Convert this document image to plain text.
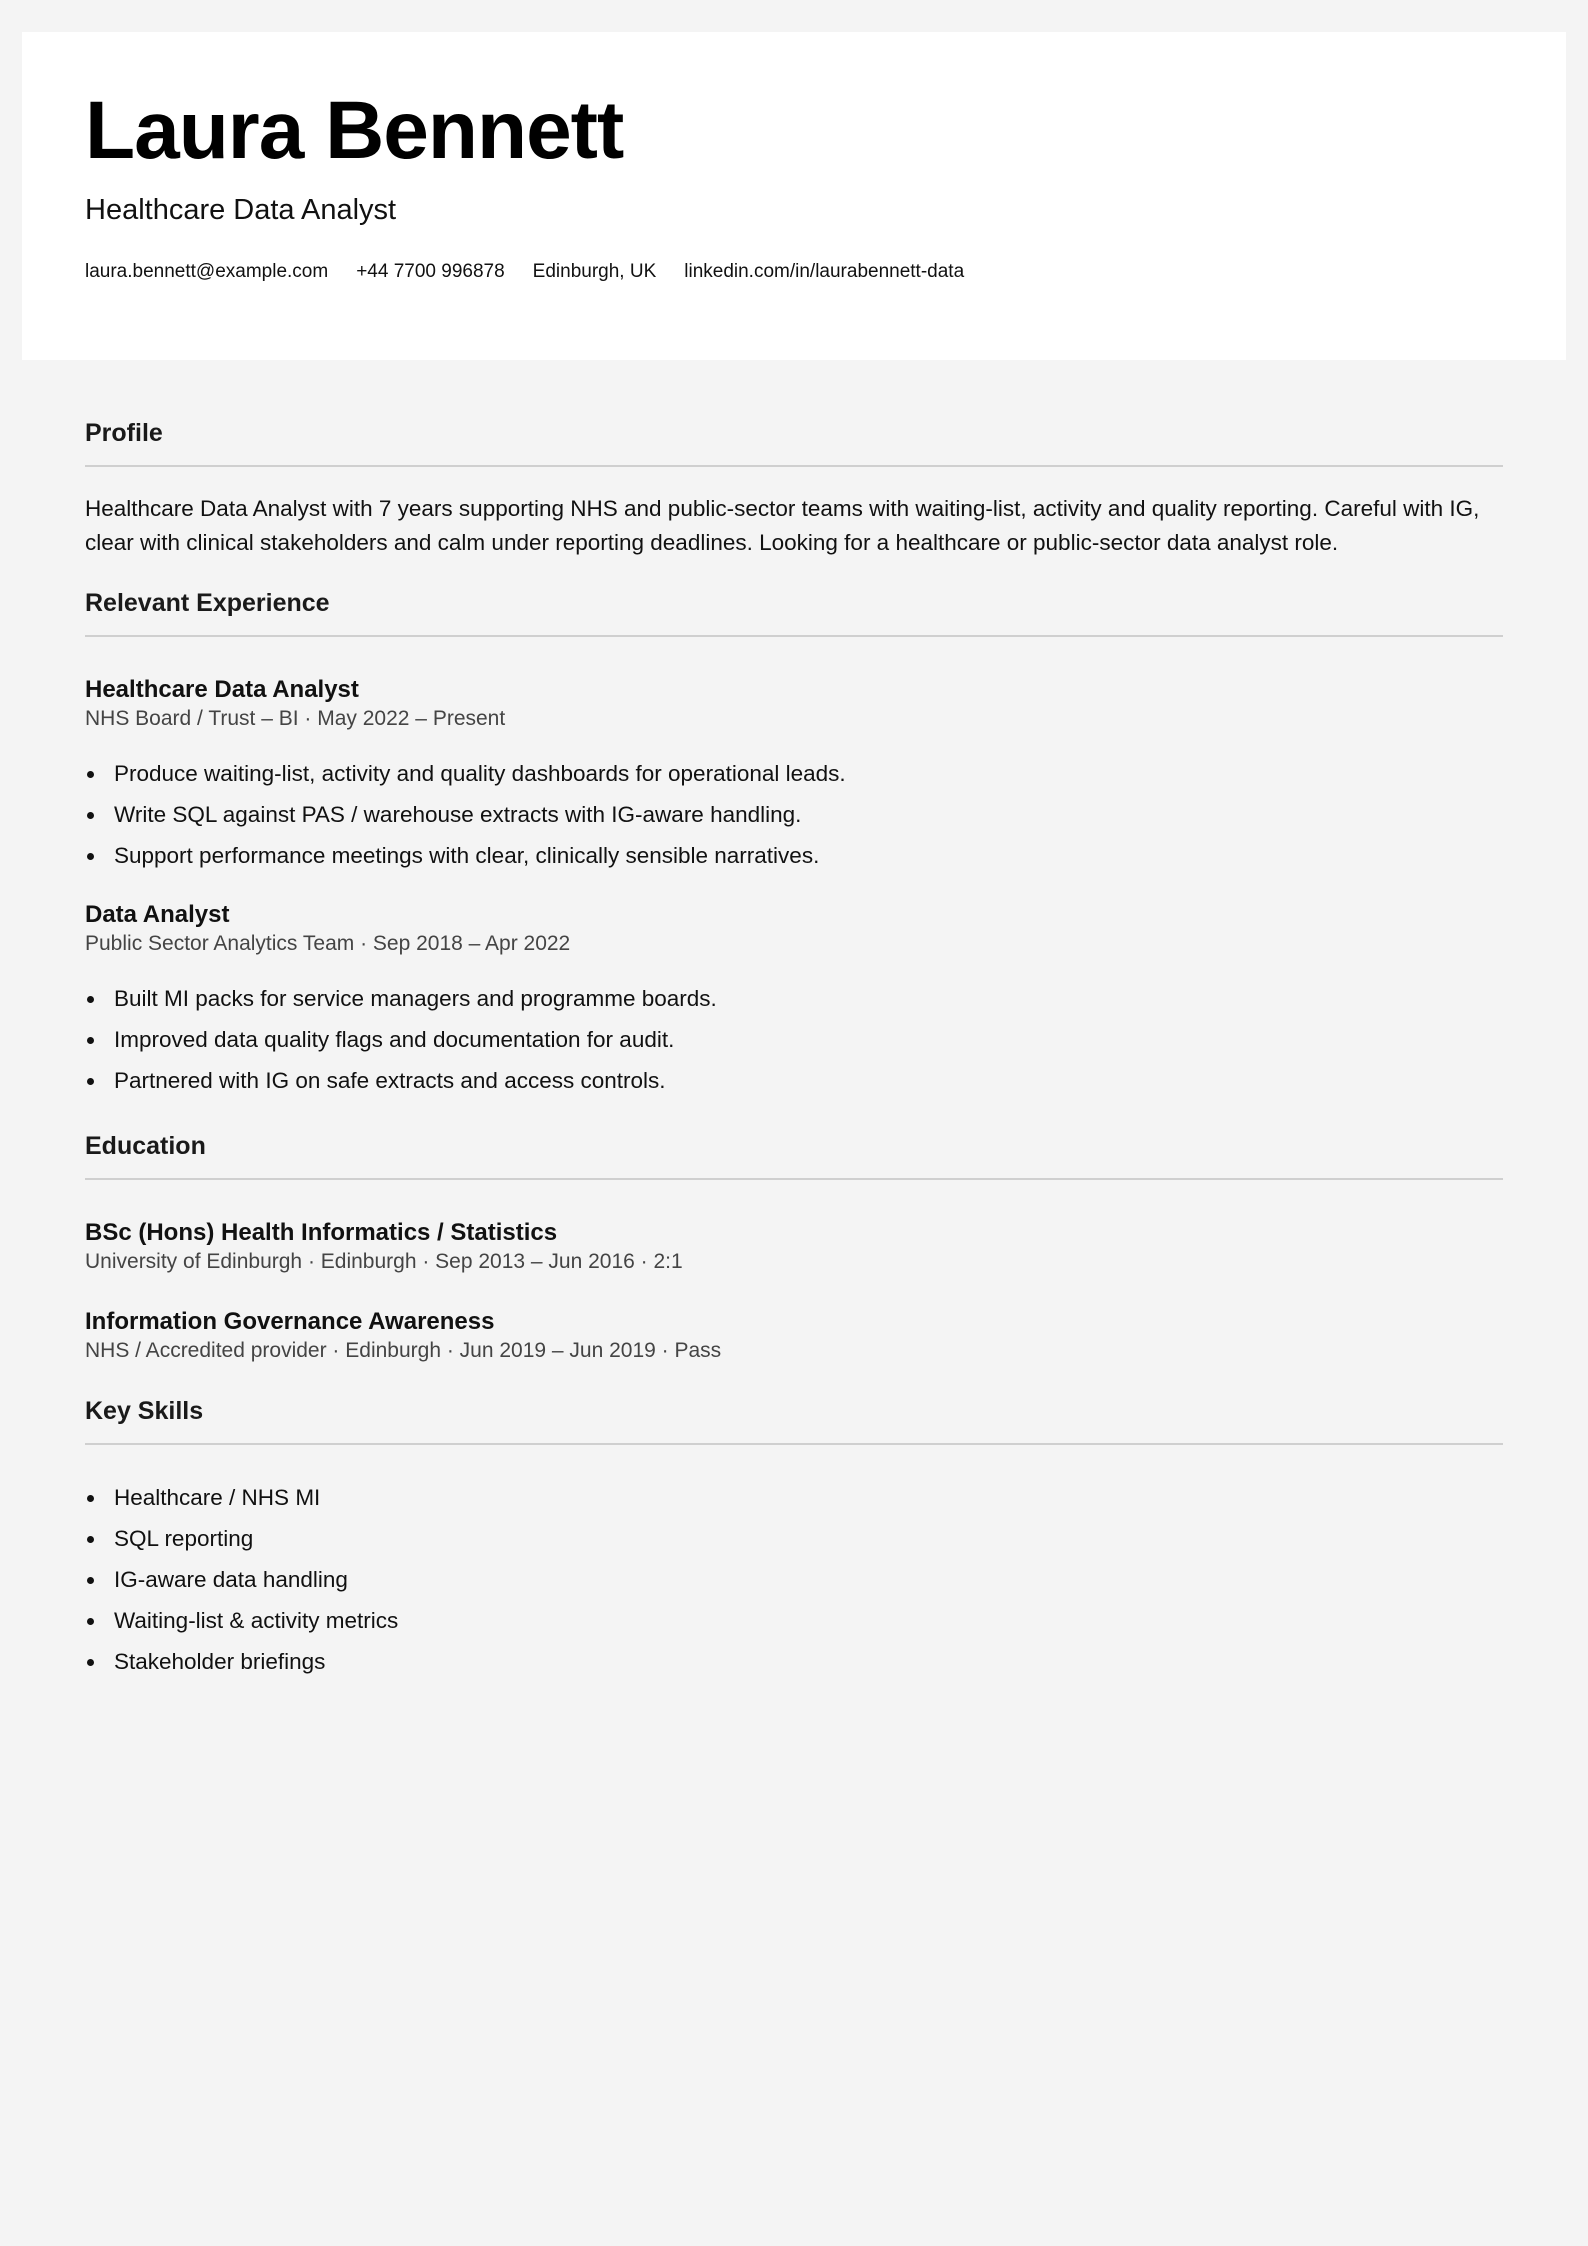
Laura Bennett
Healthcare Data Analyst
laura.bennett@example.com +44 7700 996878 Edinburgh, UK linkedin.com/in/laurabennett-data
Profile

Healthcare Data Analyst with 7 years supporting NHS and public-sector teams with waiting-list, activity and quality reporting. Careful with IG, clear with clinical stakeholders and calm under reporting deadlines. Looking for a healthcare or public-sector data analyst role.

Relevant Experience
Healthcare Data Analyst
NHS Board / Trust – BI · May 2022 – Present
Produce waiting-list, activity and quality dashboards for operational leads.
Write SQL against PAS / warehouse extracts with IG-aware handling.
Support performance meetings with clear, clinically sensible narratives.
Data Analyst
Public Sector Analytics Team · Sep 2018 – Apr 2022
Built MI packs for service managers and programme boards.
Improved data quality flags and documentation for audit.
Partnered with IG on safe extracts and access controls.
Education
BSc (Hons) Health Informatics / Statistics
University of Edinburgh · Edinburgh · Sep 2013 – Jun 2016 · 2:1
Information Governance Awareness
NHS / Accredited provider · Edinburgh · Jun 2019 – Jun 2019 · Pass
Key Skills
Healthcare / NHS MI
SQL reporting
IG-aware data handling
Waiting-list & activity metrics
Stakeholder briefings
